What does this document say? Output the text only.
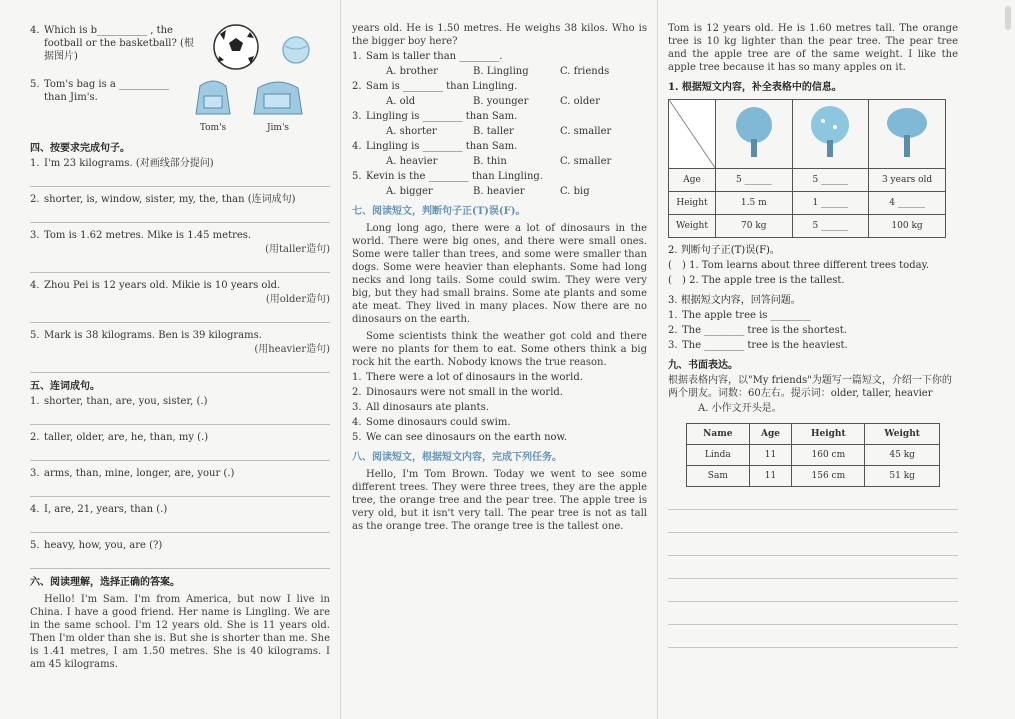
4. Which is b__________ , the
football or the basketball? (根据图片)
5. Tom's bag is a __________
than Jim's.
Tom's	Jim's
四、按要求完成句子。
1. I'm 23 kilograms. (对画线部分提问)
2. shorter, is, window, sister, my, the, than (连词成句)
3. Tom is 1.62 metres. Mike is 1.45 metres.
(用taller造句)
4. Zhou Pei is 12 years old. Mikie is 10 years old.
(用older造句)
5. Mark is 38 kilograms. Ben is 39 kilograms.
(用heavier造句)
五、连词成句。
1. shorter, than, are, you, sister, (.)
2. taller, older, are, he, than, my (.)
3. arms, than, mine, longer, are, your (.)
4. I, are, 21, years, than (.)
5. heavy, how, you, are (?)
六、阅读理解，选择正确的答案。
Hello! I'm Sam. I'm from America, but now I live in China. I have a good friend. Her name is Lingling. We are in the same school. I'm 12 years old. She is 11 years old. Then I'm older than she is. But she is shorter than me. She is 1.41 metres, I am 1.50 metres. She is 40 kilograms. I am 45 kilograms.
years old. He is 1.50 metres. He weighs 38 kilos. Who is the bigger boy here?
1. Sam is taller than ________.
A. brother	B. Lingling	C. friends
2. Sam is ________ than Lingling.
A. old	B. younger	C. older
3. Lingling is ________ than Sam.
A. shorter	B. taller	C. smaller
4. Lingling is ________ than Sam.
A. heavier	B. thin	C. smaller
5. Kevin is the ________ than Lingling.
A. bigger	B. heavier	C. big
七、阅读短文，判断句子正(T)误(F)。
Long long ago, there were a lot of dinosaurs in the world. There were big ones, and there were small ones. Some were taller than trees, and some were smaller than dogs. Some were heavier than elephants. Some had long necks and long tails. Some could swim. They were very big, but they had small brains. Some ate plants and some ate meat. They lived in many places. Now there are no dinosaurs on the earth.
Some scientists think the weather got cold and there were no plants for them to eat. Some others think a big rock hit the earth. Nobody knows the true reason.
1. There were a lot of dinosaurs in the world.
2. Dinosaurs were not small in the world.
3. All dinosaurs ate plants.
4. Some dinosaurs could swim.
5. We can see dinosaurs on the earth now.
八、阅读短文，根据短文内容，完成下列任务。
Hello, I'm Tom Brown. Today we went to see some different trees. They were three trees, they are the apple tree, the orange tree and the pear tree. The apple tree is very old, but it isn't very tall. The pear tree is not as tall as the orange tree. The orange tree is the tallest one.
Tom is 12 years old. He is 1.60 metres tall. The orange tree is 10 kg lighter than the pear tree. The pear tree and the apple tree are of the same weight. I like the apple tree because it has so many apples on it.
1. 根据短文内容，补全表格中的信息。

Age	5 ______	5 ______	3 years old
Height	1.5 m	1 ______	4 ______
Weight	70 kg	5 ______	100 kg
2. 判断句子正(T)误(F)。
(	) 1. Tom learns about three different trees today.
(	) 2. The apple tree is the tallest.
3. 根据短文内容，回答问题。
1. The apple tree is ________
2. The ________ tree is the shortest.
3. The ________ tree is the heaviest.
九、书面表达。
根据表格内容，以"My friends"为题写一篇短文，介绍一下你的两个朋友。词数：60左右。提示词：older, taller, heavier
A. 小作文开头是。
Name	Age	Height	Weight
Linda	11	160 cm	45 kg
Sam	11	156 cm	51 kg
